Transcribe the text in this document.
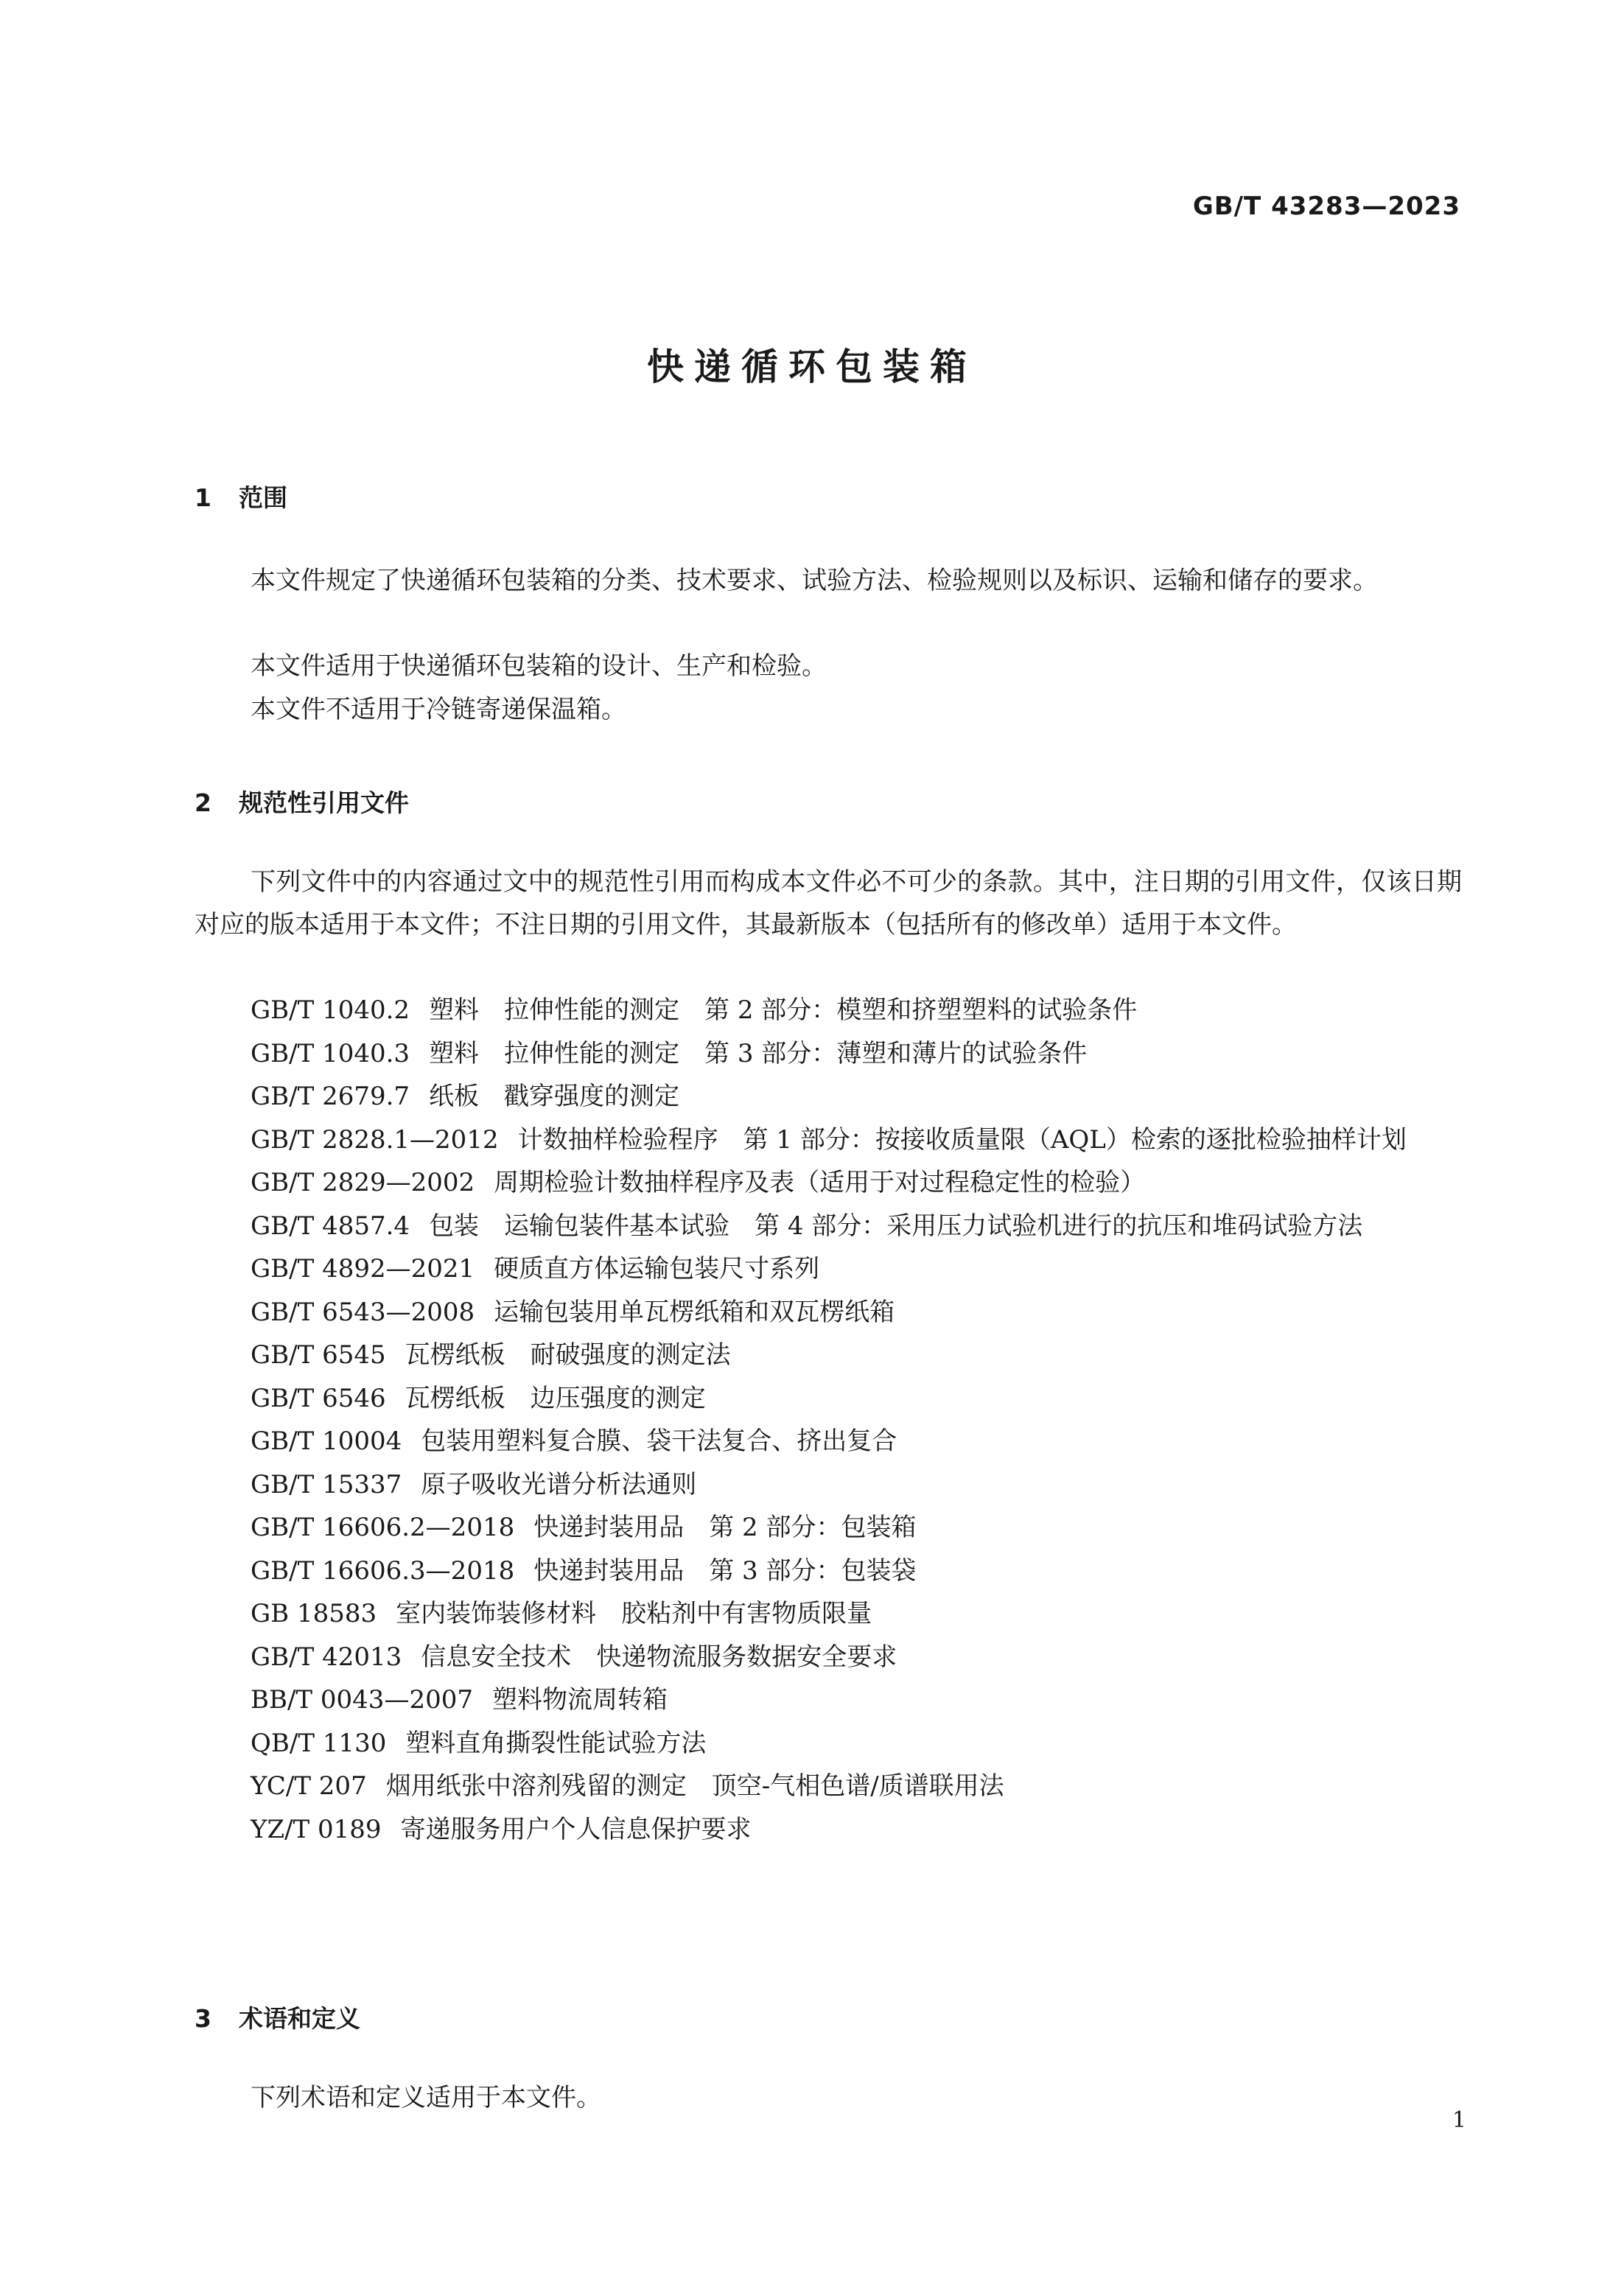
GB/T 43283—2023
快递循环包装箱
1 范围
本文件规定了快递循环包装箱的分类、技术要求、试验方法、检验规则以及标识、运输和储存的要求。
本文件适用于快递循环包装箱的设计、生产和检验。
本文件不适用于冷链寄递保温箱。
2 规范性引用文件
下列文件中的内容通过文中的规范性引用而构成本文件必不可少的条款。其中，注日期的引用文件，仅该日期对应的版本适用于本文件；不注日期的引用文件，其最新版本（包括所有的修改单）适用于本文件。
GB/T 1040.2 塑料　拉伸性能的测定　第 2 部分：模塑和挤塑塑料的试验条件
GB/T 1040.3 塑料　拉伸性能的测定　第 3 部分：薄塑和薄片的试验条件
GB/T 2679.7 纸板　戳穿强度的测定
GB/T 2828.1—2012 计数抽样检验程序　第 1 部分：按接收质量限（AQL）检索的逐批检验抽样计划
GB/T 2829—2002 周期检验计数抽样程序及表（适用于对过程稳定性的检验）
GB/T 4857.4 包装　运输包装件基本试验　第 4 部分：采用压力试验机进行的抗压和堆码试验方法
GB/T 4892—2021 硬质直方体运输包装尺寸系列
GB/T 6543—2008 运输包装用单瓦楞纸箱和双瓦楞纸箱
GB/T 6545 瓦楞纸板　耐破强度的测定法
GB/T 6546 瓦楞纸板　边压强度的测定
GB/T 10004 包装用塑料复合膜、袋干法复合、挤出复合
GB/T 15337 原子吸收光谱分析法通则
GB/T 16606.2—2018 快递封装用品　第 2 部分：包装箱
GB/T 16606.3—2018 快递封装用品　第 3 部分：包装袋
GB 18583 室内装饰装修材料　胶粘剂中有害物质限量
GB/T 42013 信息安全技术　快递物流服务数据安全要求
BB/T 0043—2007 塑料物流周转箱
QB/T 1130 塑料直角撕裂性能试验方法
YC/T 207 烟用纸张中溶剂残留的测定　顶空-气相色谱/质谱联用法
YZ/T 0189 寄递服务用户个人信息保护要求
3 术语和定义
下列术语和定义适用于本文件。
1
